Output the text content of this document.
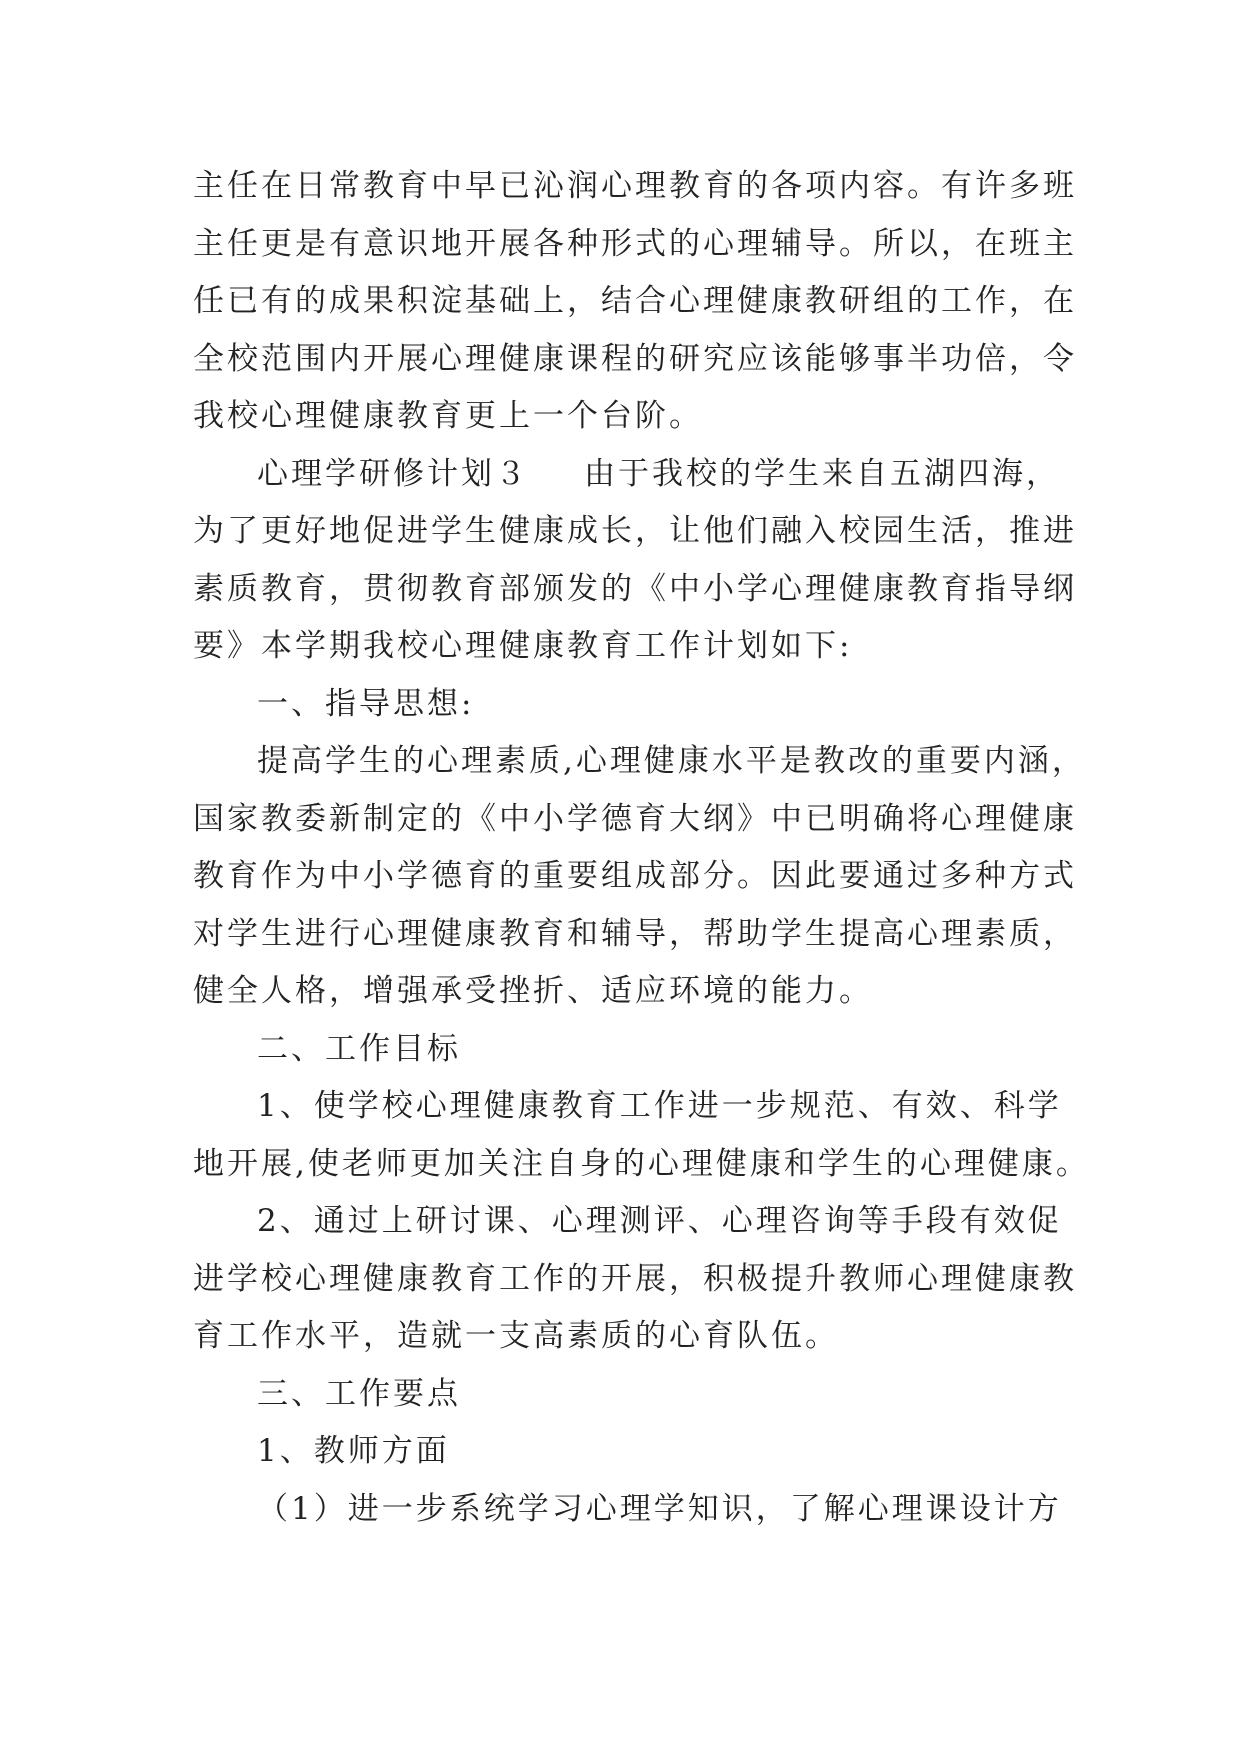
主任在日常教育中早已沁润心理教育的各项内容。有许多班
主任更是有意识地开展各种形式的心理辅导。所以，在班主
任已有的成果积淀基础上，结合心理健康教研组的工作，在
全校范围内开展心理健康课程的研究应该能够事半功倍，令
我校心理健康教育更上一个台阶。
心理学研修计划３ 由于我校的学生来自五湖四海，
为了更好地促进学生健康成长，让他们融入校园生活，推进
素质教育，贯彻教育部颁发的《中小学心理健康教育指导纲
要》本学期我校心理健康教育工作计划如下:
一、指导思想:
提高学生的心理素质,心理健康水平是教改的重要内涵，
国家教委新制定的《中小学德育大纲》中已明确将心理健康
教育作为中小学德育的重要组成部分。因此要通过多种方式
对学生进行心理健康教育和辅导，帮助学生提高心理素质，
健全人格，增强承受挫折、适应环境的能力。
二、工作目标
1、使学校心理健康教育工作进一步规范、有效、科学
地开展,使老师更加关注自身的心理健康和学生的心理健康。
2、通过上研讨课、心理测评、心理咨询等手段有效促
进学校心理健康教育工作的开展，积极提升教师心理健康教
育工作水平，造就一支高素质的心育队伍。
三、工作要点
1、教师方面
（1）进一步系统学习心理学知识，了解心理课设计方
